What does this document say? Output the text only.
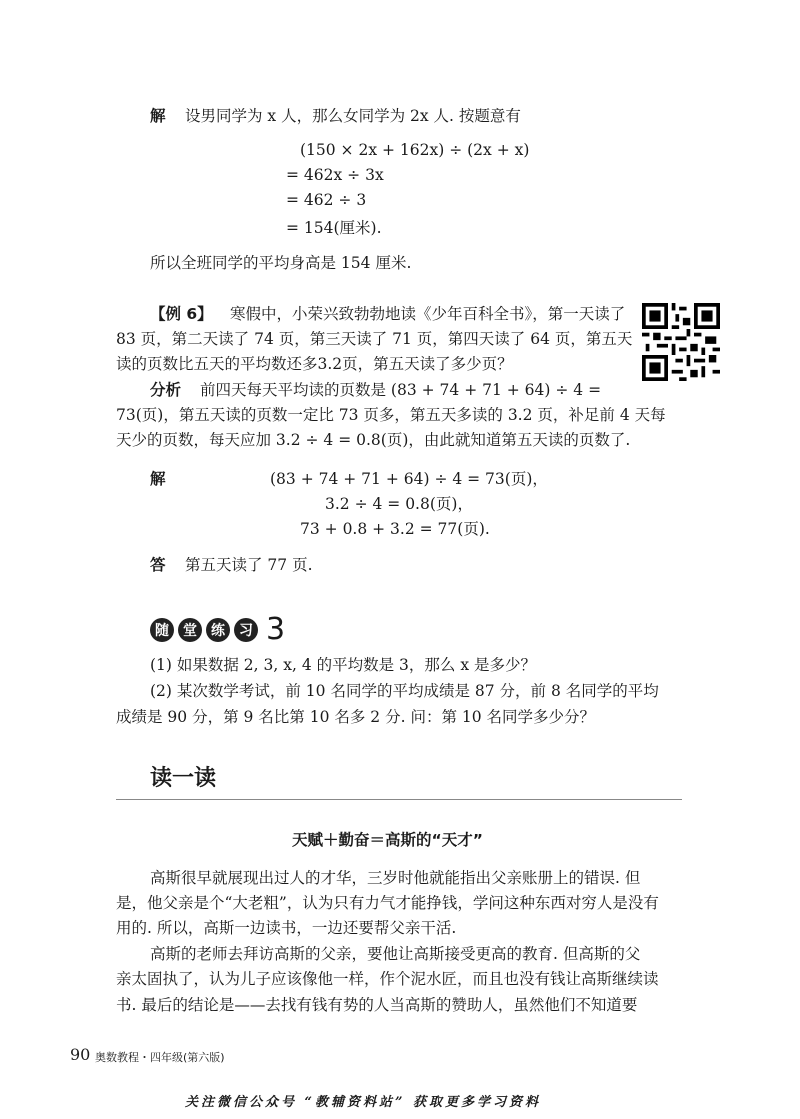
解 设男同学为 x 人，那么女同学为 2x 人. 按题意有
(150 × 2x + 162x) ÷ (2x + x)
= 462x ÷ 3x
= 462 ÷ 3
= 154(厘米).
所以全班同学的平均身高是 154 厘米.
【例 6】 寒假中，小荣兴致勃勃地读《少年百科全书》，第一天读了
83 页，第二天读了 74 页，第三天读了 71 页，第四天读了 64 页，第五天
读的页数比五天的平均数还多3.2页，第五天读了多少页？
分析 前四天每天平均读的页数是 (83 + 74 + 71 + 64) ÷ 4 =
73(页)，第五天读的页数一定比 73 页多，第五天多读的 3.2 页，补足前 4 天每
天少的页数，每天应加 3.2 ÷ 4 = 0.8(页)，由此就知道第五天读的页数了.
解	(83 + 74 + 71 + 64) ÷ 4 = 73(页)，
3.2 ÷ 4 = 0.8(页)，
73 + 0.8 + 3.2 = 77(页).
答 第五天读了 77 页.
随	堂	练	习 3
(1) 如果数据 2, 3, x, 4 的平均数是 3，那么 x 是多少？
(2) 某次数学考试，前 10 名同学的平均成绩是 87 分，前 8 名同学的平均
成绩是 90 分，第 9 名比第 10 名多 2 分. 问：第 10 名同学多少分？
读一读
天赋＋勤奋＝高斯的“天才”
高斯很早就展现出过人的才华，三岁时他就能指出父亲账册上的错误. 但
是，他父亲是个“大老粗”，认为只有力气才能挣钱，学问这种东西对穷人是没有
用的. 所以，高斯一边读书，一边还要帮父亲干活.
高斯的老师去拜访高斯的父亲，要他让高斯接受更高的教育. 但高斯的父
亲太固执了，认为儿子应该像他一样，作个泥水匠，而且也没有钱让高斯继续读
书. 最后的结论是——去找有钱有势的人当高斯的赞助人，虽然他们不知道要
90 奥数教程・四年级(第六版)
关注微信公众号 “教辅资料站” 获取更多学习资料
